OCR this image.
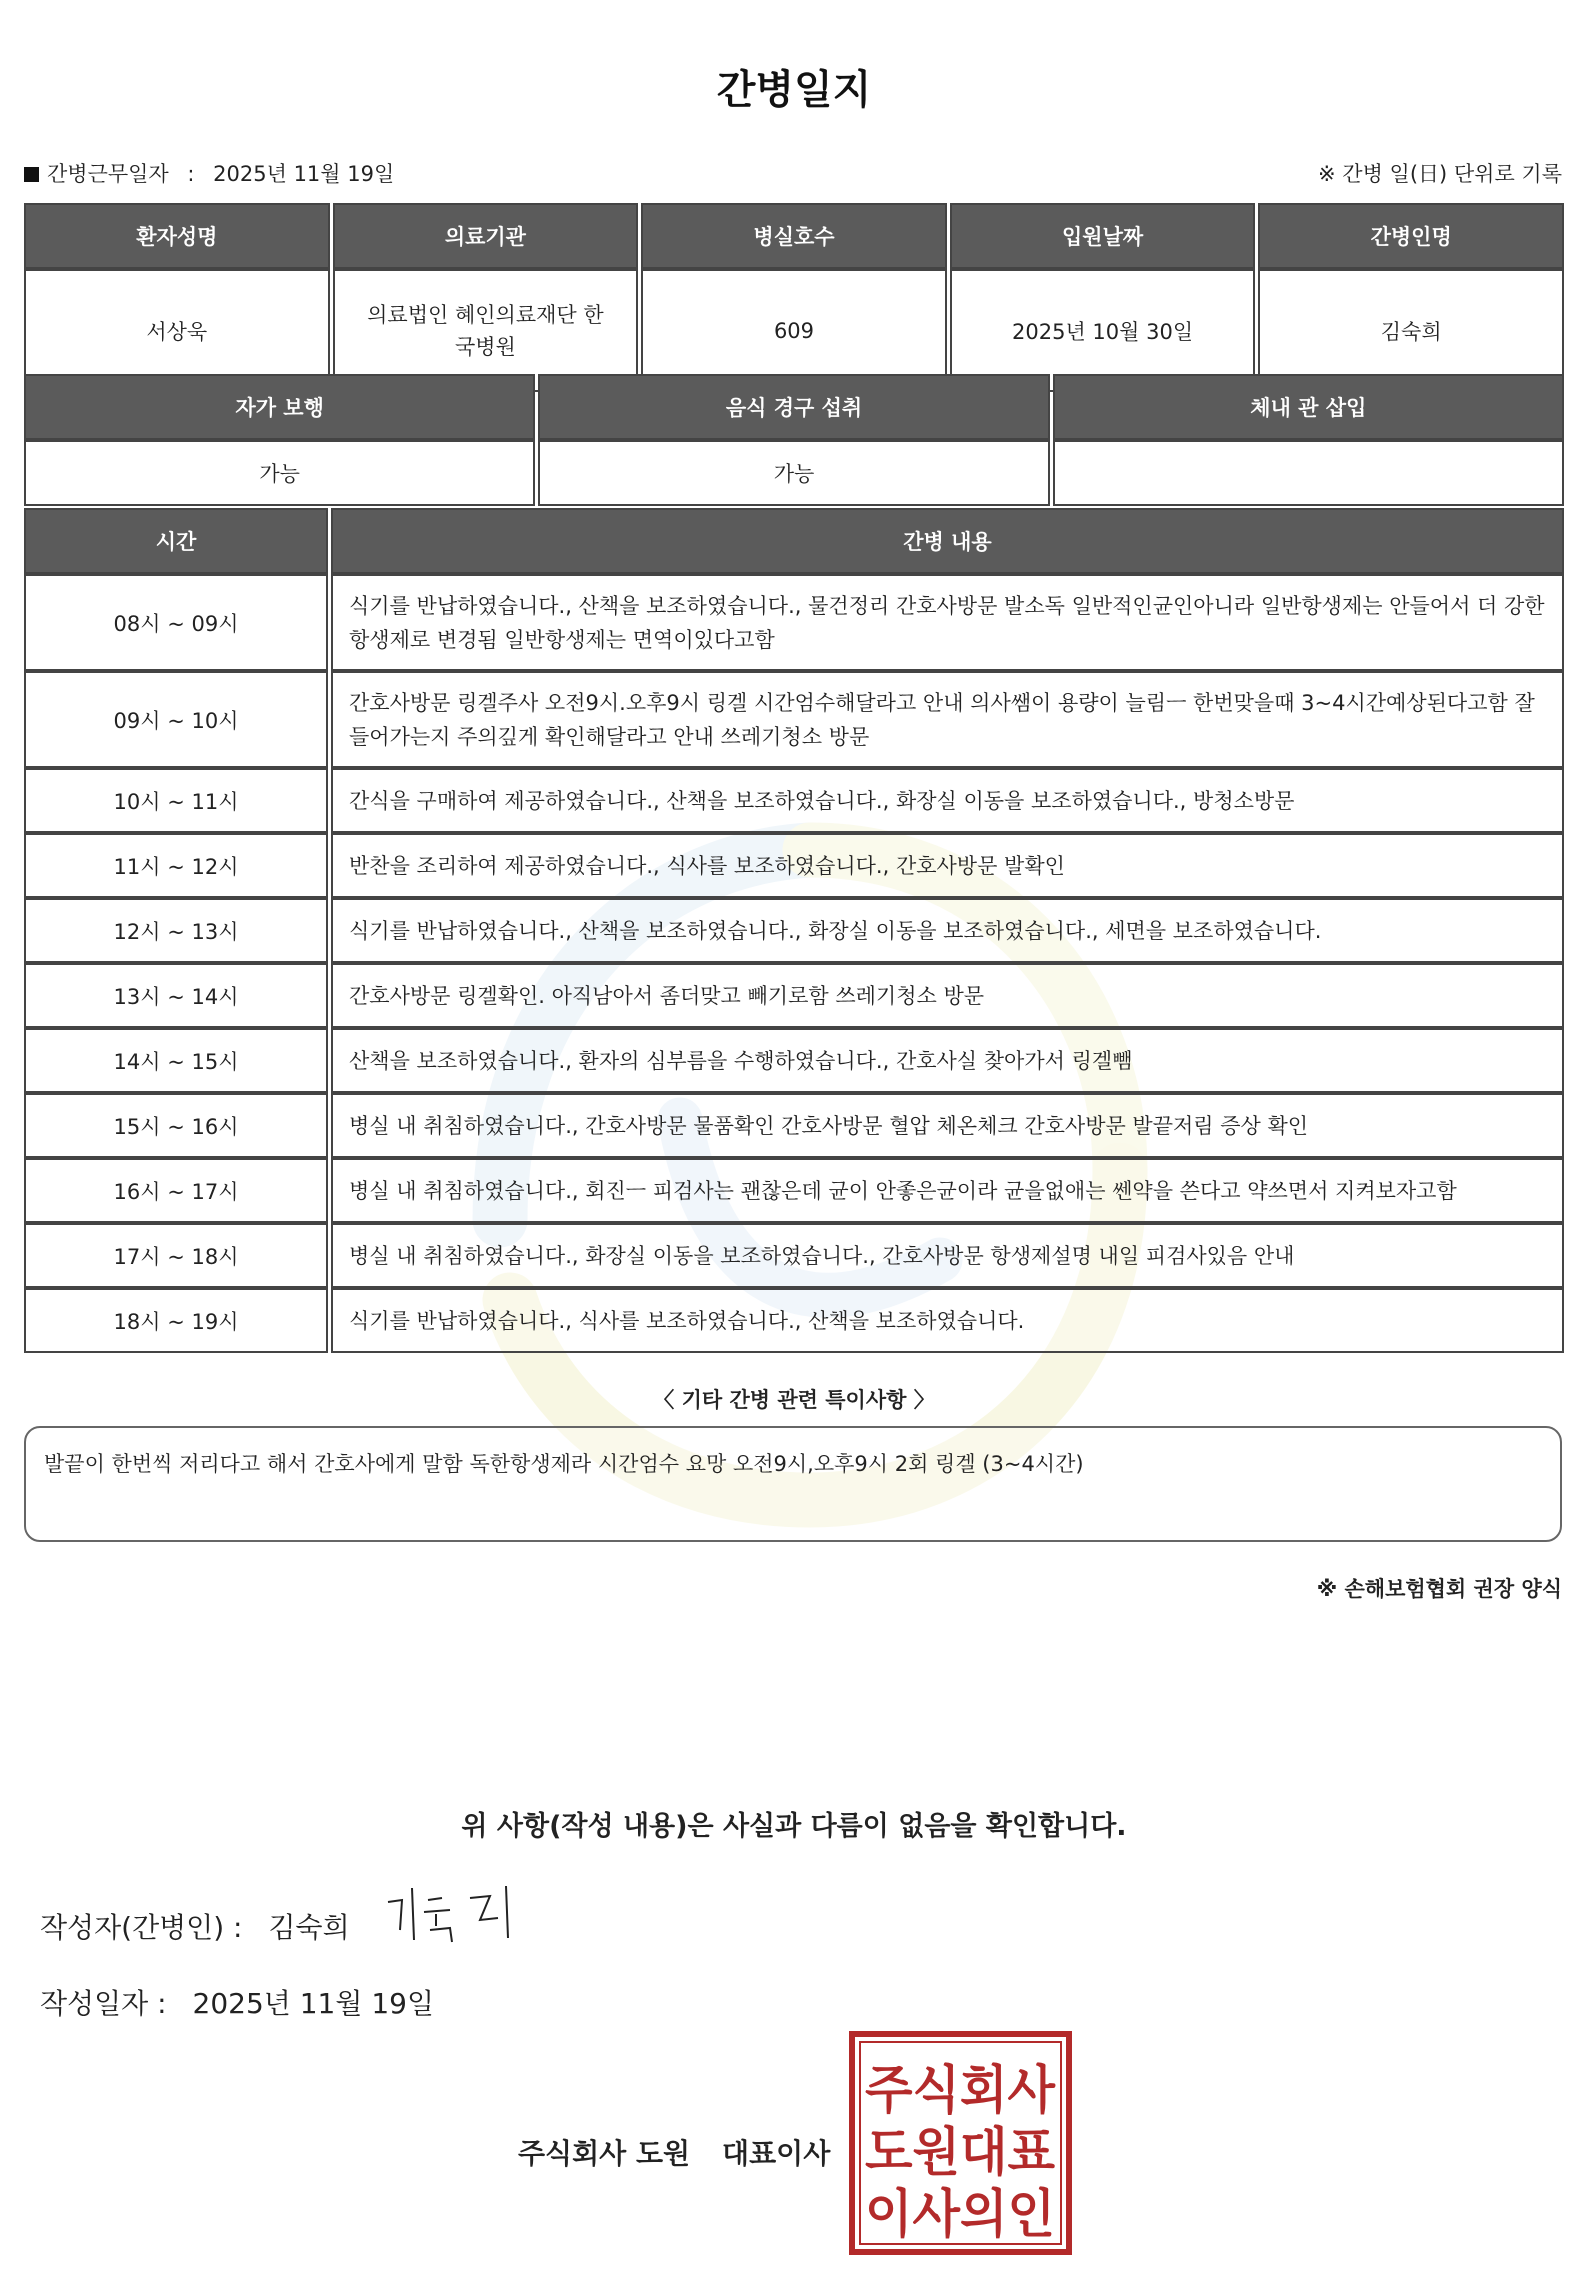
간병일지
간병근무일자 : 2025년 11월 19일	※ 간병 일(日) 단위로 기록
환자성명	의료기관	병실호수	입원날짜	간병인명
서상욱	의료법인 혜인의료재단 한국병원	609	2025년 10월 30일	김숙희
자가 보행	음식 경구 섭취	체내 관 삽입
가능	가능	
시간	간병 내용
08시 ~ 09시	식기를 반납하였습니다., 산책을 보조하였습니다., 물건정리 간호사방문 발소독 일반적인균인아니라 일반항생제는 안들어서 더 강한항생제로 변경됨 일반항생제는 면역이있다고함
09시 ~ 10시	간호사방문 링겔주사 오전9시.오후9시 링겔 시간엄수해달라고 안내 의사쌤이 용량이 늘림ㅡ 한번맞을때 3~4시간예상된다고함 잘들어가는지 주의깊게 확인해달라고 안내 쓰레기청소 방문
10시 ~ 11시	간식을 구매하여 제공하였습니다., 산책을 보조하였습니다., 화장실 이동을 보조하였습니다., 방청소방문
11시 ~ 12시	반찬을 조리하여 제공하였습니다., 식사를 보조하였습니다., 간호사방문 발확인
12시 ~ 13시	식기를 반납하였습니다., 산책을 보조하였습니다., 화장실 이동을 보조하였습니다., 세면을 보조하였습니다.
13시 ~ 14시	간호사방문 링겔확인. 아직남아서 좀더맞고 빼기로함 쓰레기청소 방문
14시 ~ 15시	산책을 보조하였습니다., 환자의 심부름을 수행하였습니다., 간호사실 찾아가서 링겔뺌
15시 ~ 16시	병실 내 취침하였습니다., 간호사방문 물품확인 간호사방문 혈압 체온체크 간호사방문 발끝저림 증상 확인
16시 ~ 17시	병실 내 취침하였습니다., 회진ㅡ 피검사는 괜찮은데 균이 안좋은균이라 균을없애는 쎈약을 쓴다고 약쓰면서 지켜보자고함
17시 ~ 18시	병실 내 취침하였습니다., 화장실 이동을 보조하였습니다., 간호사방문 항생제설명 내일 피검사있음 안내
18시 ~ 19시	식기를 반납하였습니다., 식사를 보조하였습니다., 산책을 보조하였습니다.
〈 기타 간병 관련 특이사항 〉
발끝이 한번씩 저리다고 해서 간호사에게 말함 독한항생제라 시간엄수 요망 오전9시,오후9시 2회 링겔 (3~4시간)
※ 손해보험협회 권장 양식
위 사항(작성 내용)은 사실과 다름이 없음을 확인합니다.
작성자(간병인) : 김숙희
작성일자 : 2025년 11월 19일
주식회사 도원 대표이사
주식회사
도원대표
이사의인
